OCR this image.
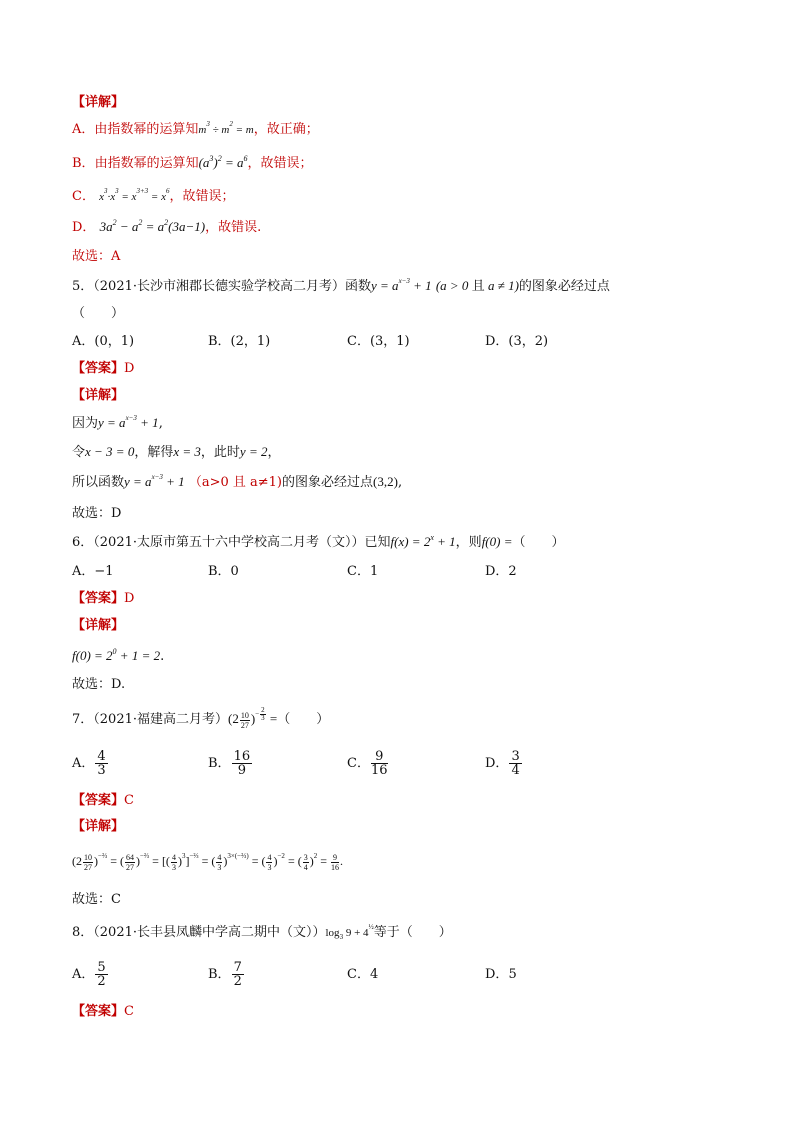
【详解】
A．由指数幂的运算知$m^3 \div m^2 = m$，故正确；
B．由指数幂的运算知$(a^3)^2 = a^6$，故错误；
C． $x^3\cdot x^3 = x^{3+3} = x^6$，故错误；
D． $3a^2 - a^2 = a^2(3a-1)$，故错误.
故选：A
5．（2021·长沙市湘郡长德实验学校高二月考）函数$y = a^{x-3} + 1$ (a > 0 且 a ≠ 1)的图象必经过点
（　　）
A．(0，1)	B．(2，1)	C．(3，1)	D．(3，2)
【答案】D
【详解】
因为$y = a^{x-3} + 1$,
令x − 3 = 0，解得x = 3，此时y = 2，
所以函数$y = a^{x-3} + 1$ （a>0 且 a≠1)的图象必经过点(3,2),
故选：D
6．（2021·太原市第五十六中学校高二月考（文））已知$f(x) = 2^x + 1$，则f(0) =（　　）
A．−1	B．0	C．1	D．2
【答案】D
【详解】
$f(0) = 2^0 + 1 = 2$.
故选：D.
7．（2021·福建高二月考）$(2 \frac{10}{27} )^{- \frac{2}{3}}$ =（　　）
A． $\frac{4}{3}$	B． $\frac{16}{9}$	C． $\frac{9}{16}$	D． $\frac{3}{4}$
【答案】C
【详解】
$(2 \frac{10}{27} )^{-\frac{2}{3}}$ = ( $\frac{64}{27} )^{-\frac{2}{3}}$ = [( $\frac{4}{3} )^3]^{-\frac{2}{3}}$ = ( $\frac{4}{3} )^{3\times(-\frac{2}{3})}$ = ( $\frac{4}{3} )^{-2}$ = ( $\frac{3}{4} )^2 = \frac{9}{16}$ .
故选：C
8．（2021·长丰县凤麟中学高二期中（文））$\log_3$ $9 + 4^{\frac{1}{2}}$等于（　　）
A． $\frac{5}{2}$	B． $\frac{7}{2}$	C．4	D．5
【答案】C
